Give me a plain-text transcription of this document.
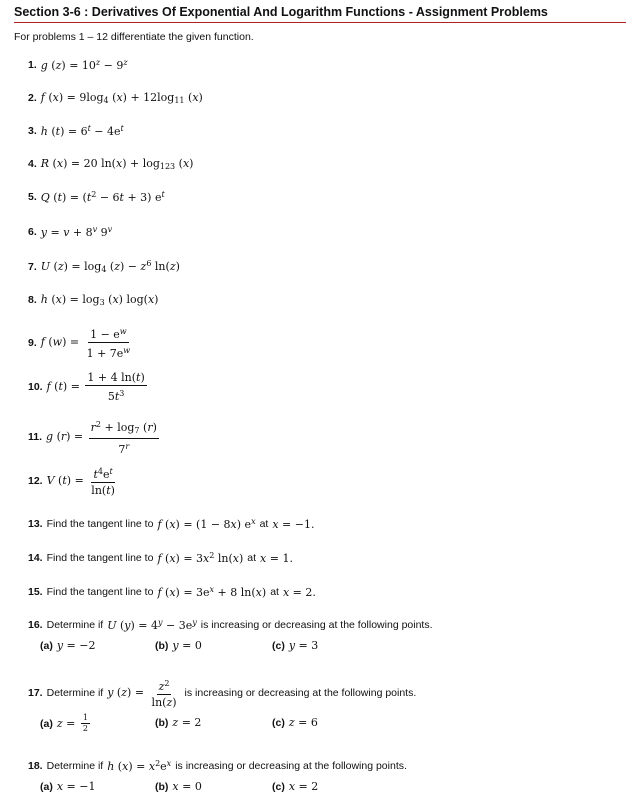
Section 3-6 : Derivatives Of Exponential And Logarithm Functions - Assignment Problems
For problems 1 – 12 differentiate the given function.
1. g $(z) = 10^z - 9^z$
2. f $(x) = 9\log_4$ $(x) + 12\log_{11}$ (x)
3. h $(t) = 6^t - 4e^t$
4. R (x) = 20 $\ln(x) + \log_{123} (x)$
5. Q $(t) = (t^2 - 6t + 3)$ $e^t$
6. $y = v + 8^v$ 9$^v$
7. U $(z) = \log_4 (z) - z^6$ ln(z)
8. h $(x) = \log_3 (x)$ log(x)
9. f $(w) = \frac{1 - e^w}{1 + 7e^w}$
10. f $(t) = \frac{1 + 4 \ln(t)}{5t^3}$
11. g $(r) = \frac{r^2 + \log_7 (r)}{7^r}$
12. V $(t) = \frac{t^4e^t}{\ln(t)}$
13. Find the tangent line to f (x) = (1 − 8x) $e^x$ at x = −1.
14. Find the tangent line to f $(x) = 3x^2$ ln(x) at x = 1.
15. Find the tangent line to f $(x) = 3e^x + 8$ ln(x) at x = 2.
16. Determine if U $(y) = 4^y - 3e^y$ is increasing or decreasing at the following points.
(a) y = −2	(b) y = 0	(c) y = 3
17. Determine if y $(z) = \frac{z^2}{\ln(z)}$ is increasing or decreasing at the following points.
(a) $z = \frac{1}{2}$	(b) z = 2	(c) z = 6
18. Determine if h $(x) = x^2e^x$ is increasing or decreasing at the following points.
(a) x = −1	(b) x = 0	(c) x = 2
